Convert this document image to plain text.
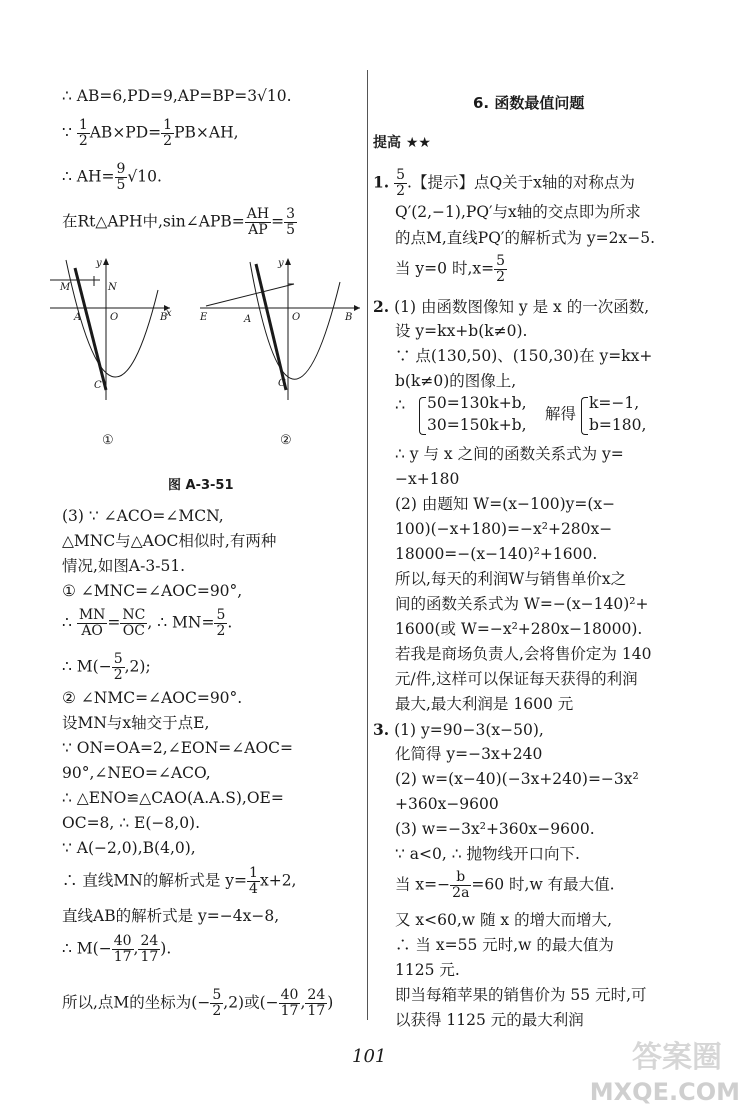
∴ AB=6,PD=9,AP=BP=3√10.
∵ $\frac{1}{2} AB\times PD= \frac{1}{2} PB\times AH$,
∴ $AH= \frac{9}{5} √10$.
在Rt△APH中,sin∠APB= $\frac{AH}{AP} = \frac{3}{5}$
M	N
A	O	B
x
y
C
①
E	A	O	B
y
C
②
图 A-3-51
(3) ∵ ∠ACO=∠MCN,
△MNC与△AOC相似时,有两种
情况,如图A-3-51.
① ∠MNC=∠AOC=90°,
∴ $\frac{MN}{AO} = \frac{NC}{OC}$ , ∴ $MN= \frac{5}{2}$ .
∴ $M(- \frac{5}{2} ,2)$;
② ∠NMC=∠AOC=90°.
设MN与x轴交于点E,
∵ ON=OA=2,∠EON=∠AOC=
90°,∠NEO=∠ACO,
∴ △ENO≌△CAO(A.A.S),OE=
OC=8, ∴ E(−8,0).
∵ A(−2,0),B(4,0),
∴ 直线MN的解析式是 $y= \frac{1}{4} x+2$,
直线AB的解析式是 y=−4x−8,
∴ $M(- \frac{40}{17}$ , $\frac{24}{17}$ ).
所以,点M的坐标为(− $\frac{5}{2} ,2$)或(− $\frac{40}{17}$ , $\frac{24}{17}$ )
6. 函数最值问题
提高 ★★
1. $\frac{5}{2}$ .【提示】点Q关于x轴的对称点为
Q′(2,−1),PQ′与x轴的交点即为所求
的点M,直线PQ′的解析式为 y=2x−5.
当 y=0 时$,x= \frac{5}{2}$
2. (1) 由函数图像知 y 是 x 的一次函数,
设 y=kx+b(k≠0).
∵ 点(130,50)、(150,30)在 y=kx+
b(k≠0)的图像上,
∴ 50=130k+b,
30=150k+b,
解得
k=−1,
b=180,
∴ y 与 x 之间的函数关系式为 y=
−x+180
(2) 由题知 W=(x−100)y=(x−
100)(−x+180)=−x²+280x−
18000=−(x−140)²+1600.
所以,每天的利润W与销售单价x之
间的函数关系式为 W=−(x−140)²+
1600(或 W=−x²+280x−18000).
若我是商场负责人,会将售价定为 140
元/件,这样可以保证每天获得的利润
最大,最大利润是 1600 元
3. (1) y=90−3(x−50),
化简得 y=−3x+240
(2) w=(x−40)(−3x+240)=−3x²
+360x−9600
(3) w=−3x²+360x−9600.
∵ a<0, ∴ 抛物线开口向下.
当 $x=- \frac{b}{2a} =60$ 时,w 有最大值.
又 x<60,w 随 x 的增大而增大,
∴ 当 x=55 元时,w 的最大值为
1125 元.
即当每箱苹果的销售价为 55 元时,可
以获得 1125 元的最大利润
101	答案圈
MXQE.COM
